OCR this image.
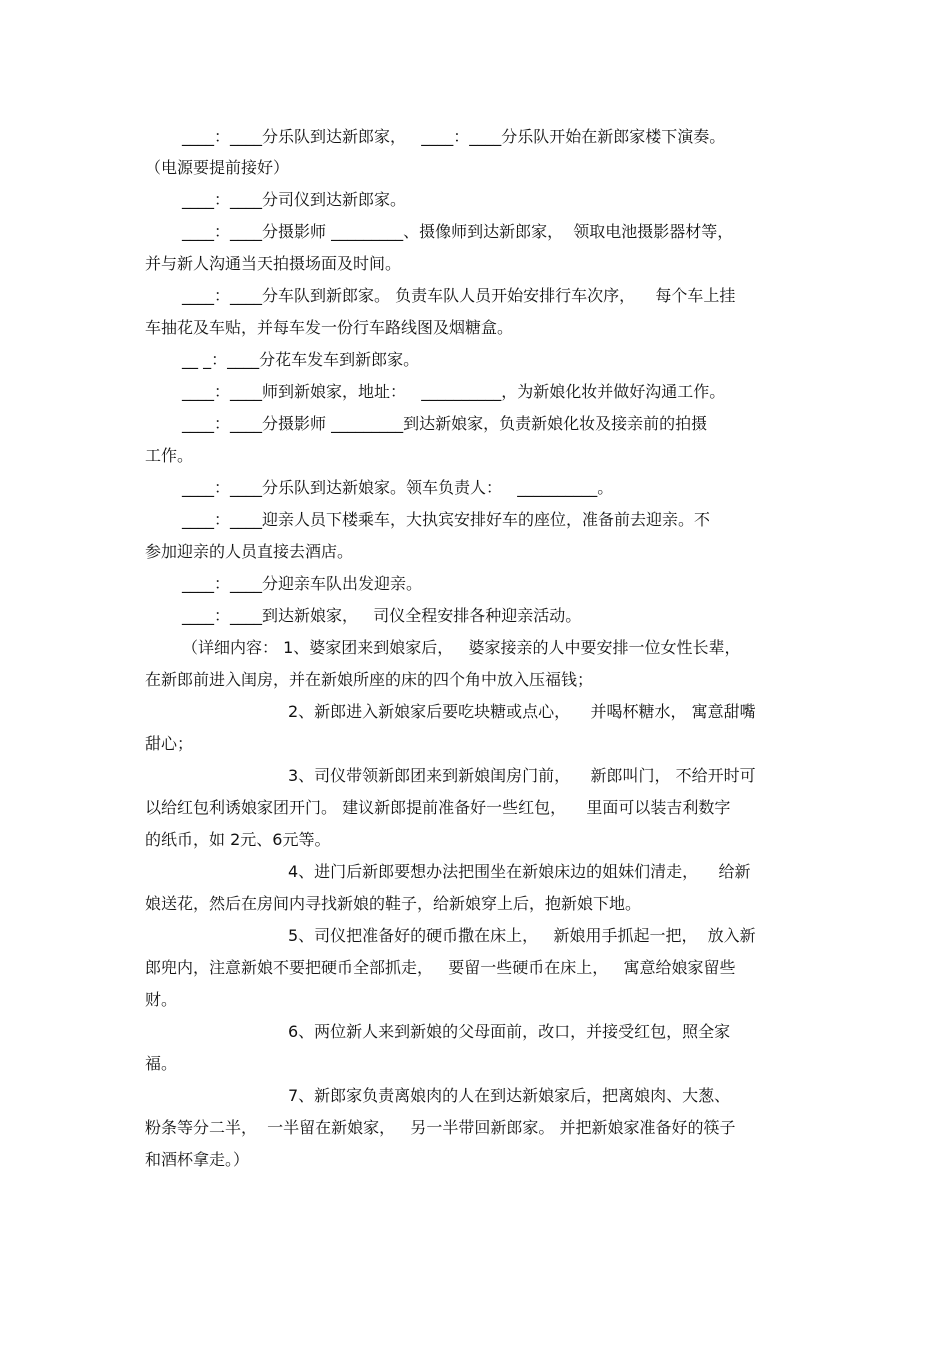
____：____分乐队到达新郎家，   ____：____分乐队开始在新郎家楼下演奏。
（电源要提前接好）
____：____分司仪到达新郎家。
____：____分摄影师 _________、摄像师到达新郎家，  领取电池摄影器材等，
并与新人沟通当天拍摄场面及时间。
____：____分车队到新郎家。 负责车队人员开始安排行车次序，    每个车上挂
车抽花及车贴，并每车发一份行车路线图及烟糖盒。
__ _：____分花车发车到新郎家。
____：____师到新娘家，地址：   __________，为新娘化妆并做好沟通工作。
____：____分摄影师 _________到达新娘家，负责新娘化妆及接亲前的拍摄
工作。
____：____分乐队到达新娘家。领车负责人：   __________。
____：____迎亲人员下楼乘车，大执宾安排好车的座位，准备前去迎亲。不
参加迎亲的人员直接去酒店。
____：____分迎亲车队出发迎亲。
____：____到达新娘家，   司仪全程安排各种迎亲活动。
（详细内容： 1、婆家团来到娘家后，   婆家接亲的人中要安排一位女性长辈，
在新郎前进入闺房，并在新娘所座的床的四个角中放入压福钱；
2、新郎进入新娘家后要吃块糖或点心，    并喝杯糖水， 寓意甜嘴
甜心；
3、司仪带领新郎团来到新娘闺房门前，    新郎叫门， 不给开时可
以给红包利诱娘家团开门。 建议新郎提前准备好一些红包，    里面可以装吉利数字
的纸币，如 2元、6元等。
4、进门后新郎要想办法把围坐在新娘床边的姐妹们清走，    给新
娘送花，然后在房间内寻找新娘的鞋子，给新娘穿上后，抱新娘下地。
5、司仪把准备好的硬币撒在床上，   新娘用手抓起一把，  放入新
郎兜内，注意新娘不要把硬币全部抓走，   要留一些硬币在床上，   寓意给娘家留些
财。
6、两位新人来到新娘的父母面前，改口，并接受红包，照全家
福。
7、新郎家负责离娘肉的人在到达新娘家后，把离娘肉、大葱、
粉条等分二半，  一半留在新娘家，   另一半带回新郎家。 并把新娘家准备好的筷子
和酒杯拿走。）
